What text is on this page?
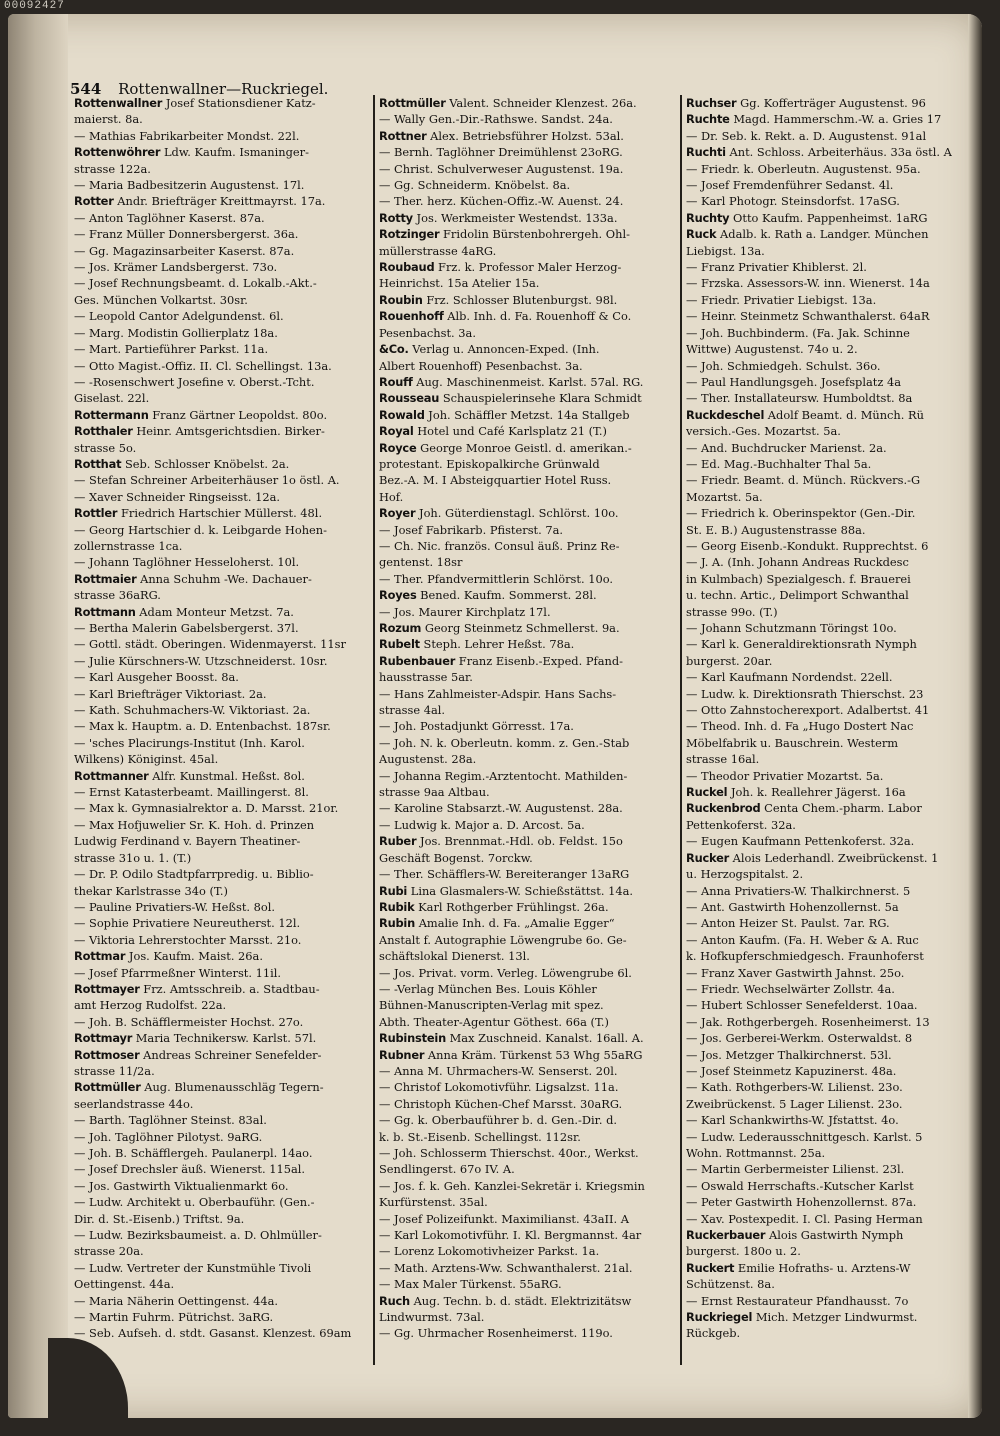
00092427
544 Rottenwallner—Ruckriegel.
Rottenwallner Josef Stationsdiener Katz-
maierst. 8a.
— Mathias Fabrikarbeiter Mondst. 22l.
Rottenwöhrer Ldw. Kaufm. Ismaninger-
strasse 122a.
— Maria Badbesitzerin Augustenst. 17l.
Rotter Andr. Briefträger Kreittmayrst. 17a.
— Anton Taglöhner Kaserst. 87a.
— Franz Müller Donnersbergerst. 36a.
— Gg. Magazinsarbeiter Kaserst. 87a.
— Jos. Krämer Landsbergerst. 73o.
— Josef Rechnungsbeamt. d. Lokalb.-Akt.-
Ges. München Volkartst. 30sr.
— Leopold Cantor Adelgundenst. 6l.
— Marg. Modistin Gollierplatz 18a.
— Mart. Partieführer Parkst. 11a.
— Otto Magist.-Offiz. II. Cl. Schellingst. 13a.
— -Rosenschwert Josefine v. Oberst.-Tcht.
Giselast. 22l.
Rottermann Franz Gärtner Leopoldst. 80o.
Rotthaler Heinr. Amtsgerichtsdien. Birker-
strasse 5o.
Rotthat Seb. Schlosser Knöbelst. 2a.
— Stefan Schreiner Arbeiterhäuser 1o östl. A.
— Xaver Schneider Ringseisst. 12a.
Rottler Friedrich Hartschier Müllerst. 48l.
— Georg Hartschier d. k. Leibgarde Hohen-
zollernstrasse 1ca.
— Johann Taglöhner Hesseloherst. 10l.
Rottmaier Anna Schuhm -We. Dachauer-
strasse 36aRG.
Rottmann Adam Monteur Metzst. 7a.
— Bertha Malerin Gabelsbergerst. 37l.
— Gottl. städt. Oberingen. Widenmayerst. 11sr
— Julie Kürschners-W. Utzschneiderst. 10sr.
— Karl Ausgeher Boosst. 8a.
— Karl Briefträger Viktoriast. 2a.
— Kath. Schuhmachers-W. Viktoriast. 2a.
— Max k. Hauptm. a. D. Entenbachst. 187sr.
— 'sches Placirungs-Institut (Inh. Karol.
Wilkens) Königinst. 45al.
Rottmanner Alfr. Kunstmal. Heßst. 8ol.
— Ernst Katasterbeamt. Maillingerst. 8l.
— Max k. Gymnasialrektor a. D. Marsst. 21or.
— Max Hofjuwelier Sr. K. Hoh. d. Prinzen
Ludwig Ferdinand v. Bayern Theatiner-
strasse 31o u. 1. (T.)
— Dr. P. Odilo Stadtpfarrpredig. u. Biblio-
thekar Karlstrasse 34o (T.)
— Pauline Privatiers-W. Heßst. 8ol.
— Sophie Privatiere Neureutherst. 12l.
— Viktoria Lehrerstochter Marsst. 21o.
Rottmar Jos. Kaufm. Maist. 26a.
— Josef Pfarrmeßner Winterst. 11il.
Rottmayer Frz. Amtsschreib. a. Stadtbau-
amt Herzog Rudolfst. 22a.
— Joh. B. Schäfflermeister Hochst. 27o.
Rottmayr Maria Technikersw. Karlst. 57l.
Rottmoser Andreas Schreiner Senefelder-
strasse 11/2a.
Rottmüller Aug. Blumenausschläg Tegern-
seerlandstrasse 44o.
— Barth. Taglöhner Steinst. 83al.
— Joh. Taglöhner Pilotyst. 9aRG.
— Joh. B. Schäfflergeh. Paulanerpl. 14ao.
— Josef Drechsler äuß. Wienerst. 115al.
— Jos. Gastwirth Viktualienmarkt 6o.
— Ludw. Architekt u. Oberbauführ. (Gen.-
Dir. d. St.-Eisenb.) Triftst. 9a.
— Ludw. Bezirksbaumeist. a. D. Ohlmüller-
strasse 20a.
— Ludw. Vertreter der Kunstmühle Tivoli
Oettingenst. 44a.
— Maria Näherin Oettingenst. 44a.
— Martin Fuhrm. Pütrichst. 3aRG.
— Seb. Aufseh. d. stdt. Gasanst. Klenzest. 69am
Rottmüller Valent. Schneider Klenzest. 26a.
— Wally Gen.-Dir.-Rathswe. Sandst. 24a.
Rottner Alex. Betriebsführer Holzst. 53al.
— Bernh. Taglöhner Dreimühlenst 23oRG.
— Christ. Schulverweser Augustenst. 19a.
— Gg. Schneiderm. Knöbelst. 8a.
— Ther. herz. Küchen-Offiz.-W. Auenst. 24.
Rotty Jos. Werkmeister Westendst. 133a.
Rotzinger Fridolin Bürstenbohrergeh. Ohl-
müllerstrasse 4aRG.
Roubaud Frz. k. Professor Maler Herzog-
Heinrichst. 15a Atelier 15a.
Roubin Frz. Schlosser Blutenburgst. 98l.
Rouenhoff Alb. Inh. d. Fa. Rouenhoff & Co.
Pesenbachst. 3a.
&Co. Verlag u. Annoncen-Exped. (Inh.
Albert Rouenhoff) Pesenbachst. 3a.
Rouff Aug. Maschinenmeist. Karlst. 57al. RG.
Rousseau Schauspielerinsehe Klara Schmidt
Rowald Joh. Schäffler Metzst. 14a Stallgeb
Royal Hotel und Café Karlsplatz 21 (T.)
Royce George Monroe Geistl. d. amerikan.-
protestant. Episkopalkirche Grünwald
Bez.-A. M. I Absteigquartier Hotel Russ.
Hof.
Royer Joh. Güterdienstagl. Schlörst. 10o.
— Josef Fabrikarb. Pfisterst. 7a.
— Ch. Nic. französ. Consul äuß. Prinz Re-
gentenst. 18sr
— Ther. Pfandvermittlerin Schlörst. 10o.
Royes Bened. Kaufm. Sommerst. 28l.
— Jos. Maurer Kirchplatz 17l.
Rozum Georg Steinmetz Schmellerst. 9a.
Rubelt Steph. Lehrer Heßst. 78a.
Rubenbauer Franz Eisenb.-Exped. Pfand-
hausstrasse 5ar.
— Hans Zahlmeister-Adspir. Hans Sachs-
strasse 4al.
— Joh. Postadjunkt Görresst. 17a.
— Joh. N. k. Oberleutn. komm. z. Gen.-Stab
Augustenst. 28a.
— Johanna Regim.-Arztentocht. Mathilden-
strasse 9aa Altbau.
— Karoline Stabsarzt.-W. Augustenst. 28a.
— Ludwig k. Major a. D. Arcost. 5a.
Ruber Jos. Brennmat.-Hdl. ob. Feldst. 15o
Geschäft Bogenst. 7orckw.
— Ther. Schäfflers-W. Bereiteranger 13aRG
Rubi Lina Glasmalers-W. Schießstättst. 14a.
Rubik Karl Rothgerber Frühlingst. 26a.
Rubin Amalie Inh. d. Fa. „Amalie Egger“
Anstalt f. Autographie Löwengrube 6o. Ge-
schäftslokal Dienerst. 13l.
— Jos. Privat. vorm. Verleg. Löwengrube 6l.
— -Verlag München Bes. Louis Köhler
Bühnen-Manuscripten-Verlag mit spez.
Abth. Theater-Agentur Göthest. 66a (T.)
Rubinstein Max Zuschneid. Kanalst. 16all. A.
Rubner Anna Kräm. Türkenst 53 Whg 55aRG
— Anna M. Uhrmachers-W. Senserst. 20l.
— Christof Lokomotivführ. Ligsalzst. 11a.
— Christoph Küchen-Chef Marsst. 30aRG.
— Gg. k. Oberbauführer b. d. Gen.-Dir. d.
k. b. St.-Eisenb. Schellingst. 112sr.
— Joh. Schlosserm Thierschst. 40or., Werkst.
Sendlingerst. 67o IV. A.
— Jos. f. k. Geh. Kanzlei-Sekretär i. Kriegsmin
Kurfürstenst. 35al.
— Josef Polizeifunkt. Maximilianst. 43aII. A
— Karl Lokomotivführ. I. Kl. Bergmannst. 4ar
— Lorenz Lokomotivheizer Parkst. 1a.
— Math. Arztens-Ww. Schwanthalerst. 21al.
— Max Maler Türkenst. 55aRG.
Ruch Aug. Techn. b. d. städt. Elektrizitätsw
Lindwurmst. 73al.
— Gg. Uhrmacher Rosenheimerst. 119o.
Ruchser Gg. Kofferträger Augustenst. 96
Ruchte Magd. Hammerschm.-W. a. Gries 17
— Dr. Seb. k. Rekt. a. D. Augustenst. 91al
Ruchti Ant. Schloss. Arbeiterhäus. 33a östl. A
— Friedr. k. Oberleutn. Augustenst. 95a.
— Josef Fremdenführer Sedanst. 4l.
— Karl Photogr. Steinsdorfst. 17aSG.
Ruchty Otto Kaufm. Pappenheimst. 1aRG
Ruck Adalb. k. Rath a. Landger. München
Liebigst. 13a.
— Franz Privatier Khiblerst. 2l.
— Frzska. Assessors-W. inn. Wienerst. 14a
— Friedr. Privatier Liebigst. 13a.
— Heinr. Steinmetz Schwanthalerst. 64aR
— Joh. Buchbinderm. (Fa. Jak. Schinne
Wittwe) Augustenst. 74o u. 2.
— Joh. Schmiedgeh. Schulst. 36o.
— Paul Handlungsgeh. Josefsplatz 4a
— Ther. Installateursw. Humboldtst. 8a
Ruckdeschel Adolf Beamt. d. Münch. Rü
versich.-Ges. Mozartst. 5a.
— And. Buchdrucker Marienst. 2a.
— Ed. Mag.-Buchhalter Thal 5a.
— Friedr. Beamt. d. Münch. Rückvers.-G
Mozartst. 5a.
— Friedrich k. Oberinspektor (Gen.-Dir.
St. E. B.) Augustenstrasse 88a.
— Georg Eisenb.-Kondukt. Rupprechtst. 6
— J. A. (Inh. Johann Andreas Ruckdesc
in Kulmbach) Spezialgesch. f. Brauerei
u. techn. Artic., Delimport Schwanthal
strasse 99o. (T.)
— Johann Schutzmann Töringst 10o.
— Karl k. Generaldirektionsrath Nymph
burgerst. 20ar.
— Karl Kaufmann Nordendst. 22ell.
— Ludw. k. Direktionsrath Thierschst. 23
— Otto Zahnstocherexport. Adalbertst. 41
— Theod. Inh. d. Fa „Hugo Dostert Nac
Möbelfabrik u. Bauschrein. Westerm
strasse 16al.
— Theodor Privatier Mozartst. 5a.
Ruckel Joh. k. Reallehrer Jägerst. 16a
Ruckenbrod Centa Chem.-pharm. Labor
Pettenkoferst. 32a.
— Eugen Kaufmann Pettenkoferst. 32a.
Rucker Alois Lederhandl. Zweibrückenst. 1
u. Herzogspitalst. 2.
— Anna Privatiers-W. Thalkirchnerst. 5
— Ant. Gastwirth Hohenzollernst. 5a
— Anton Heizer St. Paulst. 7ar. RG.
— Anton Kaufm. (Fa. H. Weber & A. Ruc
k. Hofkupferschmiedgesch. Fraunhoferst
— Franz Xaver Gastwirth Jahnst. 25o.
— Friedr. Wechselwärter Zollstr. 4a.
— Hubert Schlosser Senefelderst. 10aa.
— Jak. Rothgerbergeh. Rosenheimerst. 13
— Jos. Gerberei-Werkm. Osterwaldst. 8
— Jos. Metzger Thalkirchnerst. 53l.
— Josef Steinmetz Kapuzinerst. 48a.
— Kath. Rothgerbers-W. Lilienst. 23o.
Zweibrückenst. 5 Lager Lilienst. 23o.
— Karl Schankwirths-W. Jfstattst. 4o.
— Ludw. Lederausschnittgesch. Karlst. 5
Wohn. Rottmannst. 25a.
— Martin Gerbermeister Lilienst. 23l.
— Oswald Herrschafts.-Kutscher Karlst
— Peter Gastwirth Hohenzollernst. 87a.
— Xav. Postexpedit. I. Cl. Pasing Herman
Ruckerbauer Alois Gastwirth Nymph
burgerst. 180o u. 2.
Ruckert Emilie Hofraths- u. Arztens-W
Schützenst. 8a.
— Ernst Restaurateur Pfandhausst. 7o
Ruckriegel Mich. Metzger Lindwurmst.
Rückgeb.
